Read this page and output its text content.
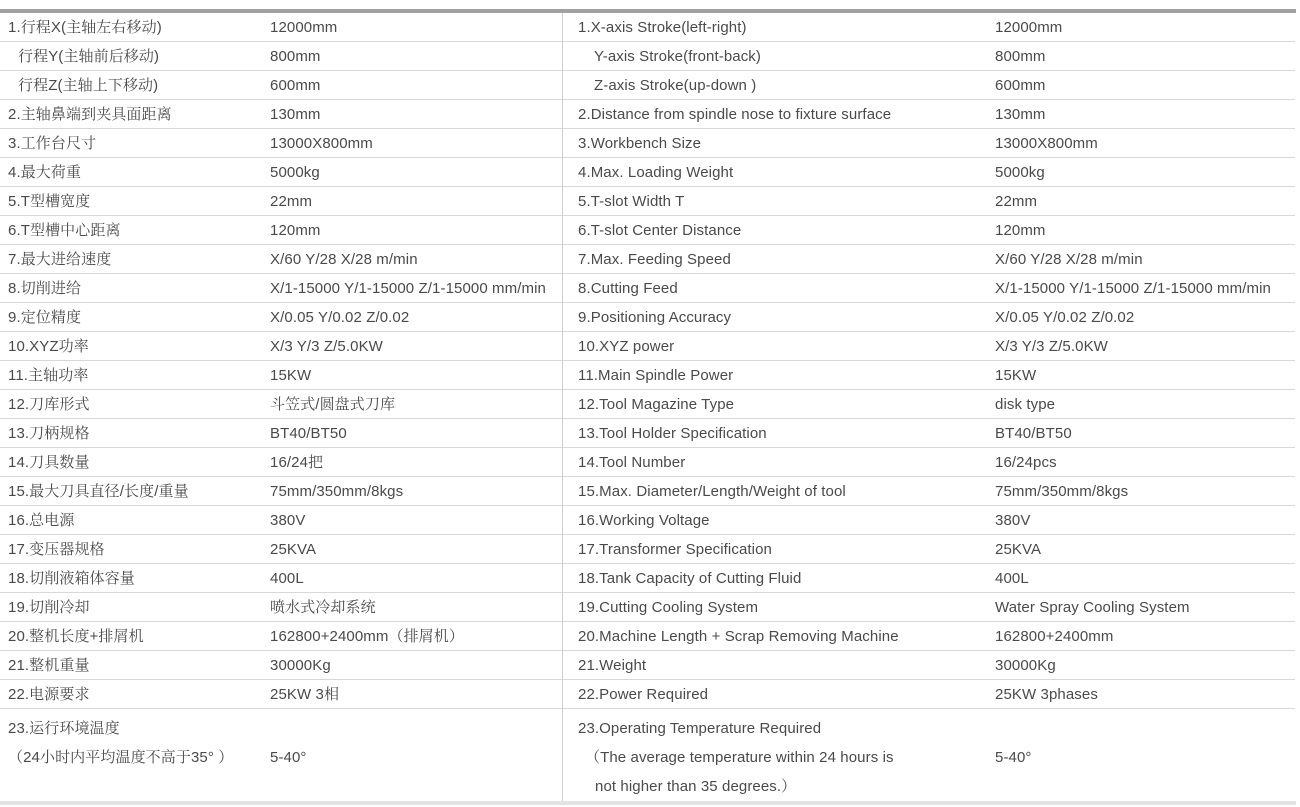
1.行程X(主轴左右移动)	12000mm
行程Y(主轴前后移动)	800mm
行程Z(主轴上下移动)	600mm
2.主轴鼻端到夹具面距离	130mm
3.工作台尺寸	13000X800mm
4.最大荷重	5000kg
5.T型槽宽度	22mm
6.T型槽中心距离	120mm
7.最大进给速度	X/60 Y/28 X/28 m/min
8.切削进给	X/1-15000 Y/1-15000 Z/1-15000 mm/min
9.定位精度	X/0.05 Y/0.02 Z/0.02
10.XYZ功率	X/3 Y/3 Z/5.0KW
11.主轴功率	15KW
12.刀库形式	斗笠式/圆盘式刀库
13.刀柄规格	BT40/BT50
14.刀具数量	16/24把
15.最大刀具直径/长度/重量	75mm/350mm/8kgs
16.总电源	380V
17.变压器规格	25KVA
18.切削液箱体容量	400L
19.切削冷却	喷水式冷却系统
20.整机长度+排屑机	162800+2400mm（排屑机）
21.整机重量	30000Kg
22.电源要求	25KW 3相
23.运行环境温度
（24小时内平均温度不高于35° ）	5-40°
1.X-axis Stroke(left-right)	12000mm
Y-axis Stroke(front-back)	800mm
Z-axis Stroke(up-down )	600mm
2.Distance from spindle nose to fixture surface	130mm
3.Workbench Size	13000X800mm
4.Max. Loading Weight	5000kg
5.T-slot Width T	22mm
6.T-slot Center Distance	120mm
7.Max. Feeding Speed	X/60 Y/28 X/28 m/min
8.Cutting Feed	X/1-15000 Y/1-15000 Z/1-15000 mm/min
9.Positioning Accuracy	X/0.05 Y/0.02 Z/0.02
10.XYZ power	X/3 Y/3 Z/5.0KW
11.Main Spindle Power	15KW
12.Tool Magazine Type	disk type
13.Tool Holder Specification	BT40/BT50
14.Tool Number	16/24pcs
15.Max. Diameter/Length/Weight of tool	75mm/350mm/8kgs
16.Working Voltage	380V
17.Transformer Specification	25KVA
18.Tank Capacity of Cutting Fluid	400L
19.Cutting Cooling System	Water Spray Cooling System
20.Machine Length + Scrap Removing Machine	162800+2400mm
21.Weight	30000Kg
22.Power Required	25KW 3phases
23.Operating Temperature Required
（The average temperature within 24 hours is	5-40°
not higher than 35 degrees.）
